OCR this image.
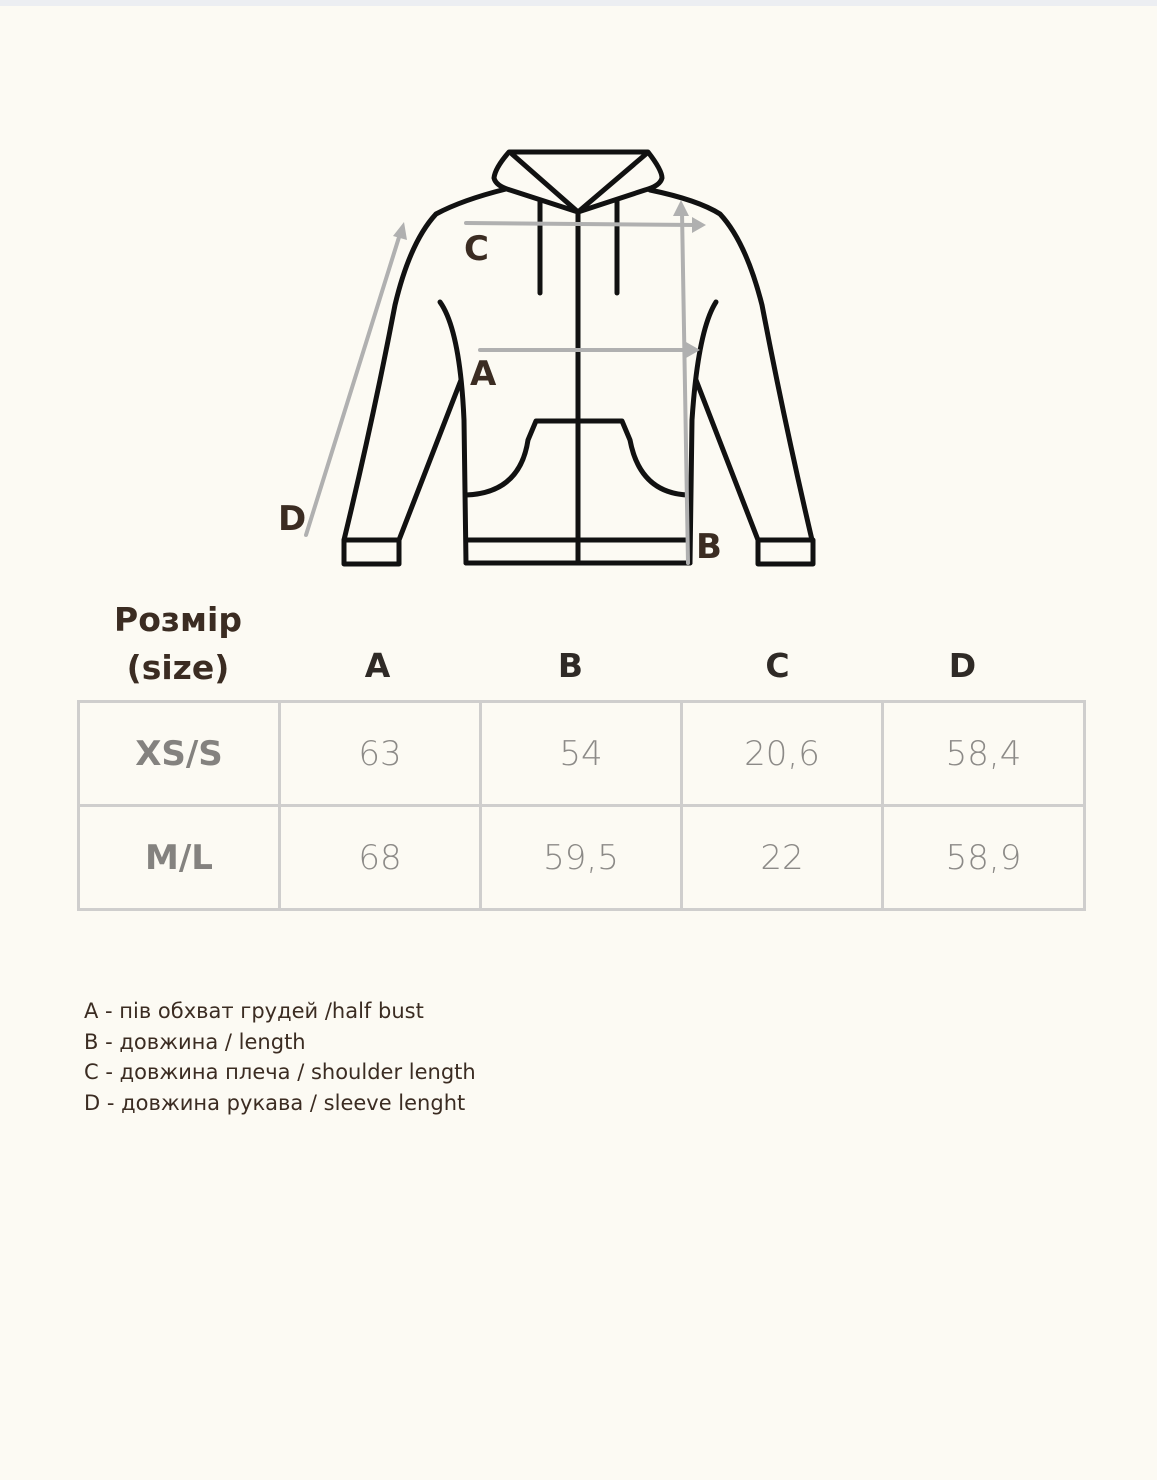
C
A
D
B
Розмір
(size)	A	B	C	D
XS/S	63	54	20,6	58,4
M/L	68	59,5	22	58,9
A - пів обхват грудей /half bust
B - довжина / length
C - довжина плеча / shoulder length
D - довжина рукава / sleeve lenght
